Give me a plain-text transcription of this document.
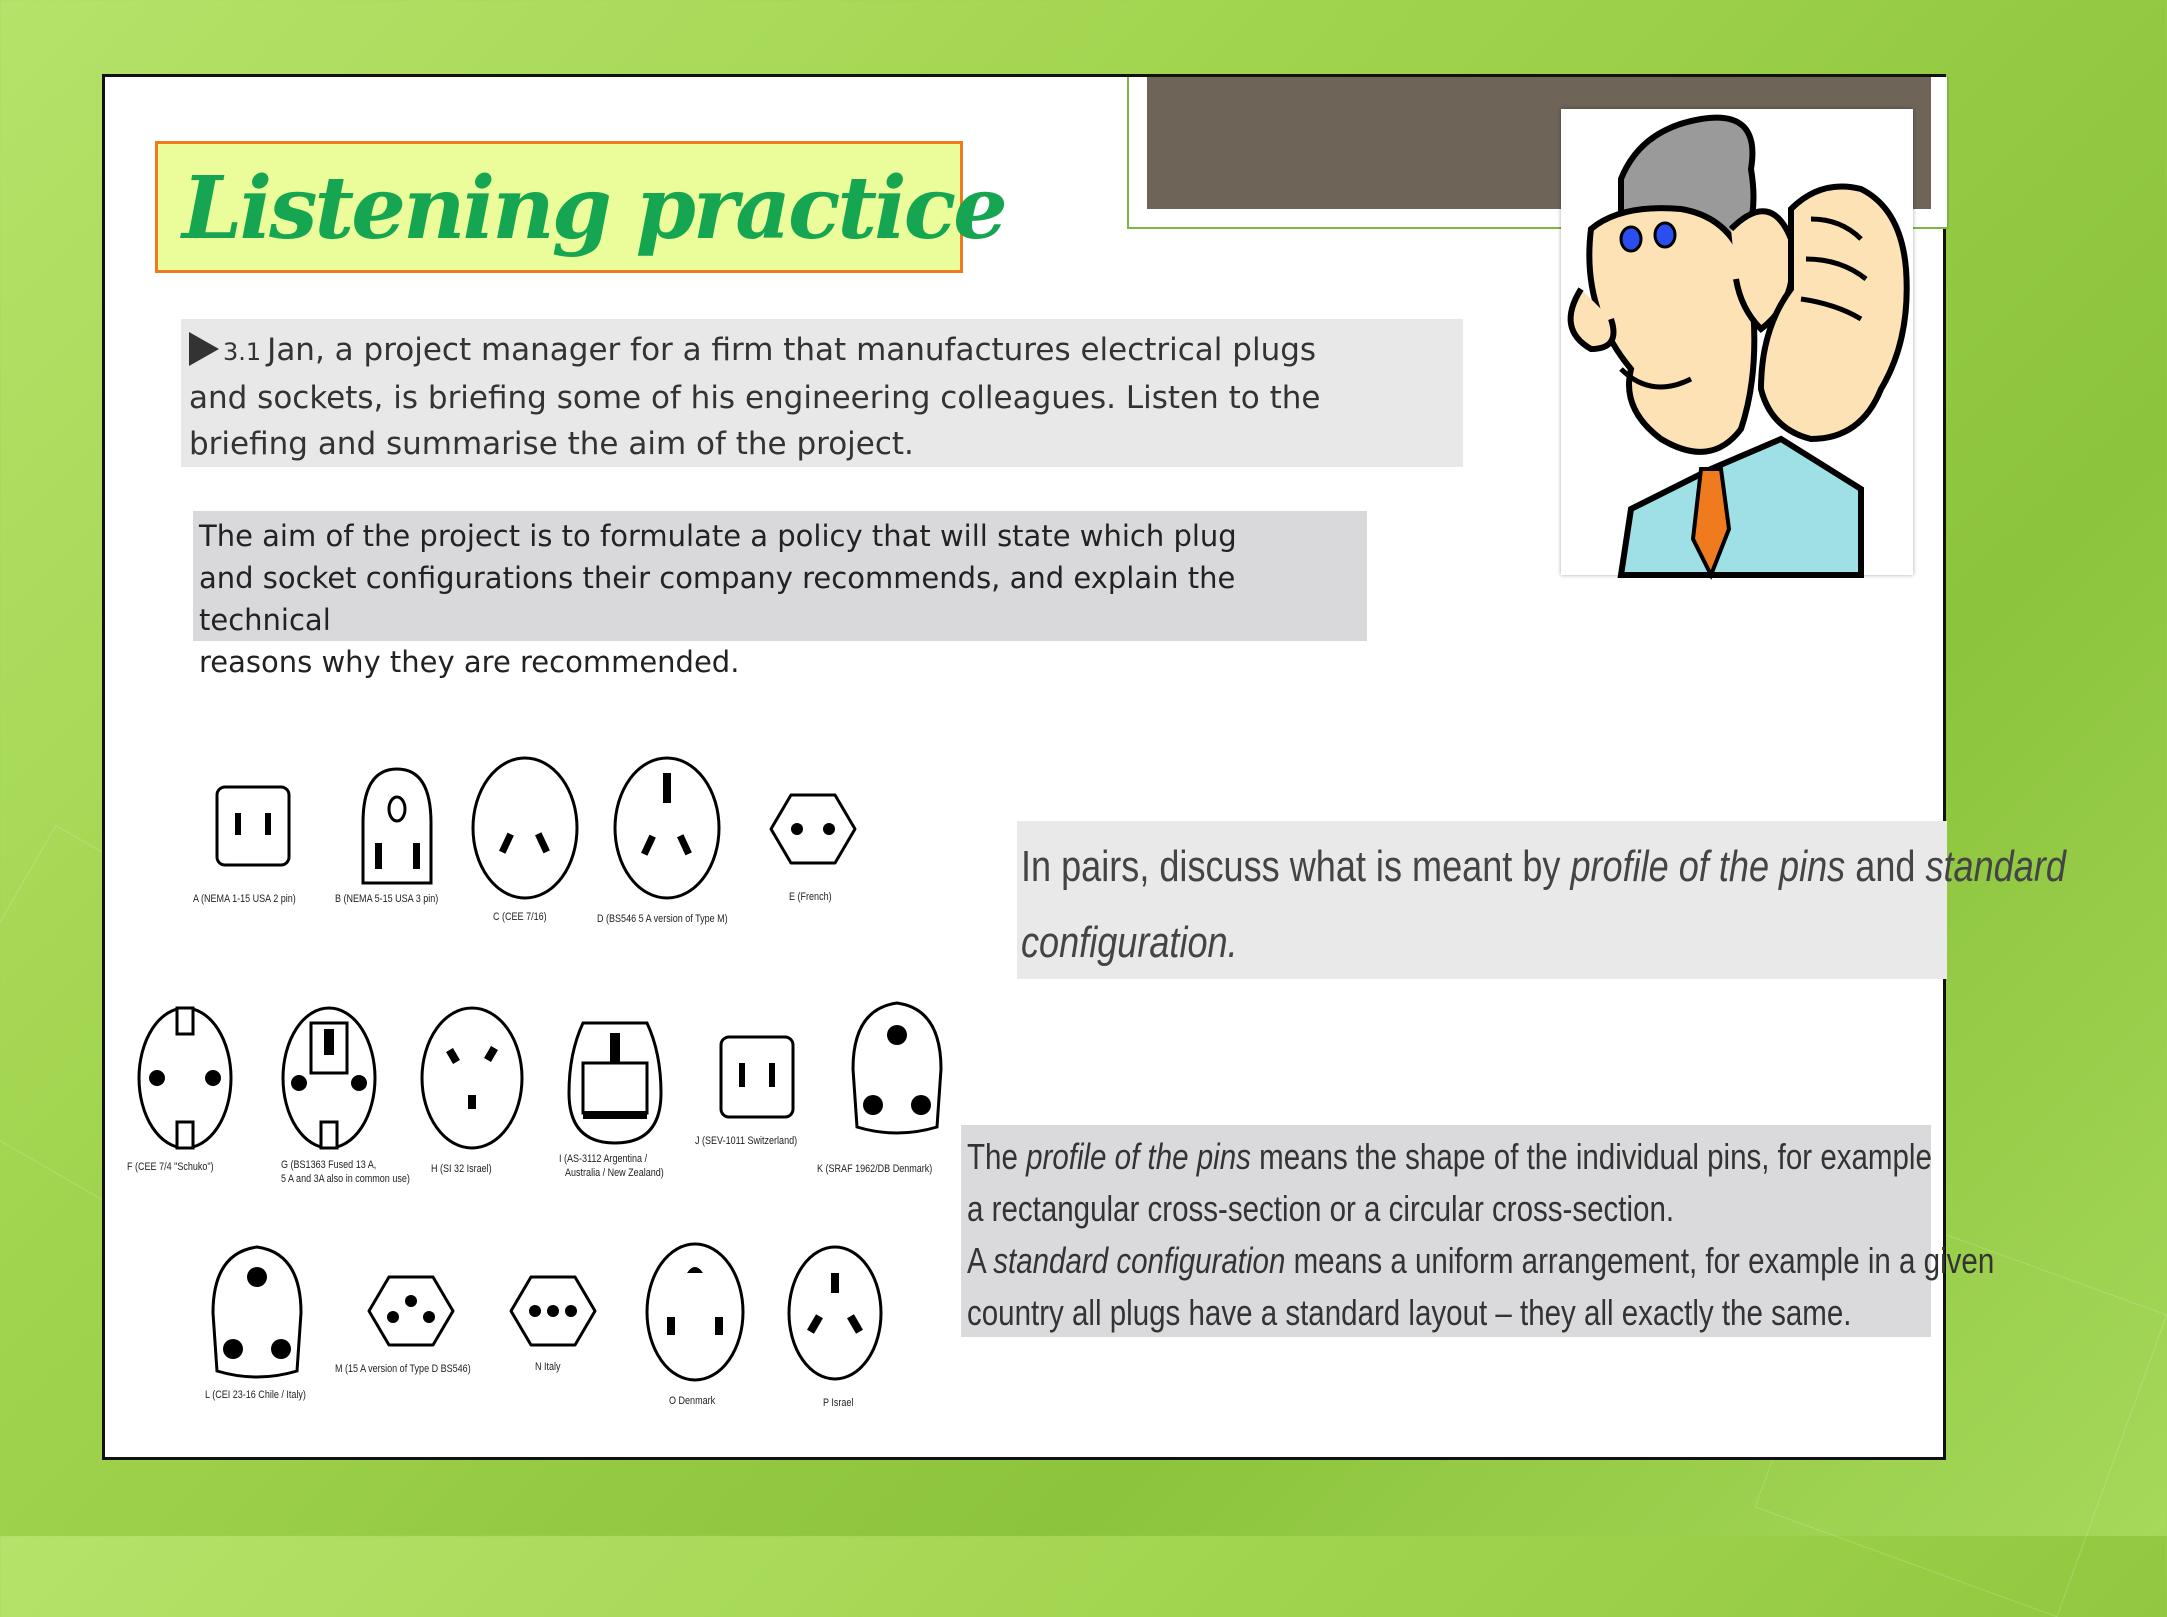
Listening practice
3.1 Jan, a project manager for a firm that manufactures electrical plugs
and sockets, is briefing some of his engineering colleagues. Listen to the
briefing and summarise the aim of the project.
The aim of the project is to formulate a policy that will state which plug
and socket configurations their company recommends, and explain the technical
reasons why they are recommended.
A (NEMA 1-15 USA 2 pin)	B (NEMA 5-15 USA 3 pin)
C (CEE 7/16)	D (BS546 5 A version of Type M)
E (French)
F (CEE 7/4 "Schuko")	G (BS1363 Fused 13 A,
5 A and 3A also in common use)
H (SI 32 Israel)
I (AS-3112 Argentina /
Australia / New Zealand)
J (SEV-1011 Switzerland)
K (SRAF 1962/DB Denmark)
L (CEI 23-16 Chile / Italy)
M (15 A version of Type D BS546)	N Italy
O Denmark	P Israel
In pairs, discuss what is meant by profile of the pins and standard
configuration.
The profile of the pins means the shape of the individual pins, for example
a rectangular cross-section or a circular cross-section.
A standard configuration means a uniform arrangement, for example in a given
country all plugs have a standard layout – they all exactly the same.
